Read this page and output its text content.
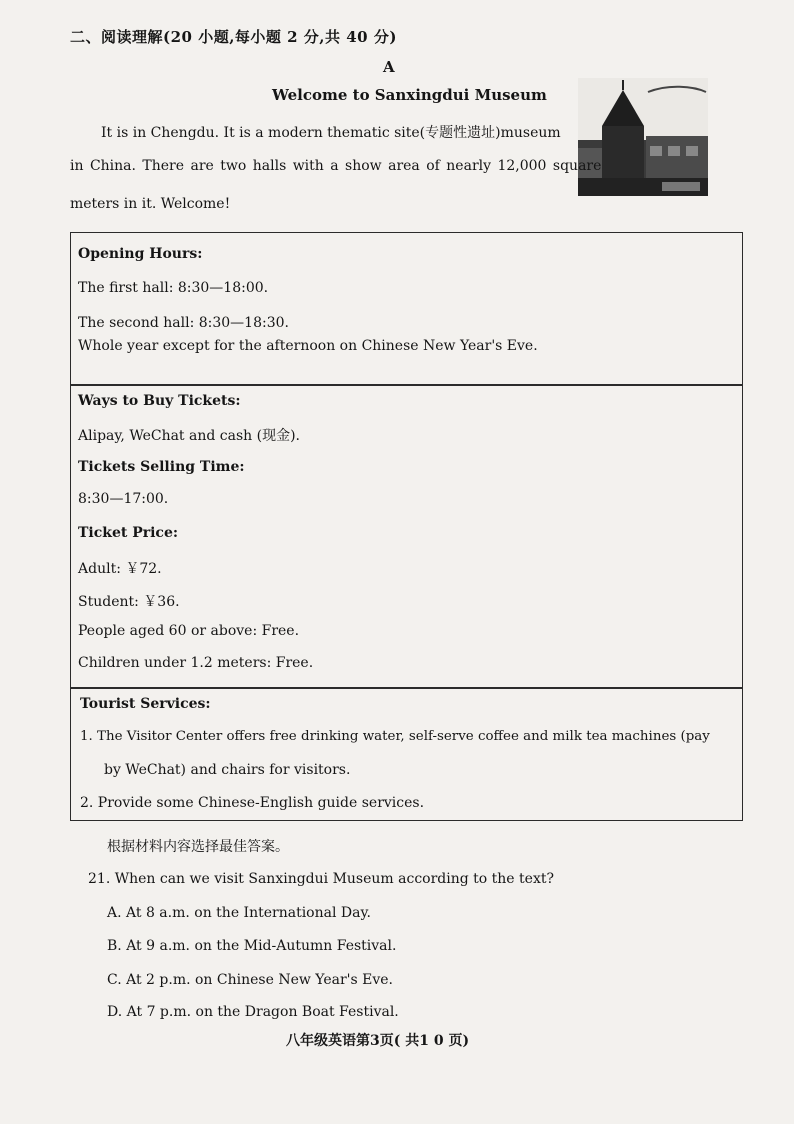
二、阅读理解(20 小题,每小题 2 分,共 40 分)
A
Welcome to Sanxingdui Museum
It is in Chengdu. It is a modern thematic site(专题性遗址)museum
in China. There are two halls with a show area of nearly 12,000 square
meters in it. Welcome!
Opening Hours:
The first hall: 8:30—18:00.
The second hall: 8:30—18:30.
Whole year except for the afternoon on Chinese New Year's Eve.
Ways to Buy Tickets:
Alipay, WeChat and cash (现金).
Tickets Selling Time:
8:30—17:00.
Ticket Price:
Adult: ￥72.
Student: ￥36.
People aged 60 or above: Free.
Children under 1.2 meters: Free.
Tourist Services:
1. The Visitor Center offers free drinking water, self-serve coffee and milk tea machines (pay
by WeChat) and chairs for visitors.
2. Provide some Chinese-English guide services.
根据材料内容选择最佳答案。
21. When can we visit Sanxingdui Museum according to the text?
A. At 8 a.m. on the International Day.
B. At 9 a.m. on the Mid-Autumn Festival.
C. At 2 p.m. on Chinese New Year's Eve.
D. At 7 p.m. on the Dragon Boat Festival.
八年级英语第3页( 共1 0 页)
